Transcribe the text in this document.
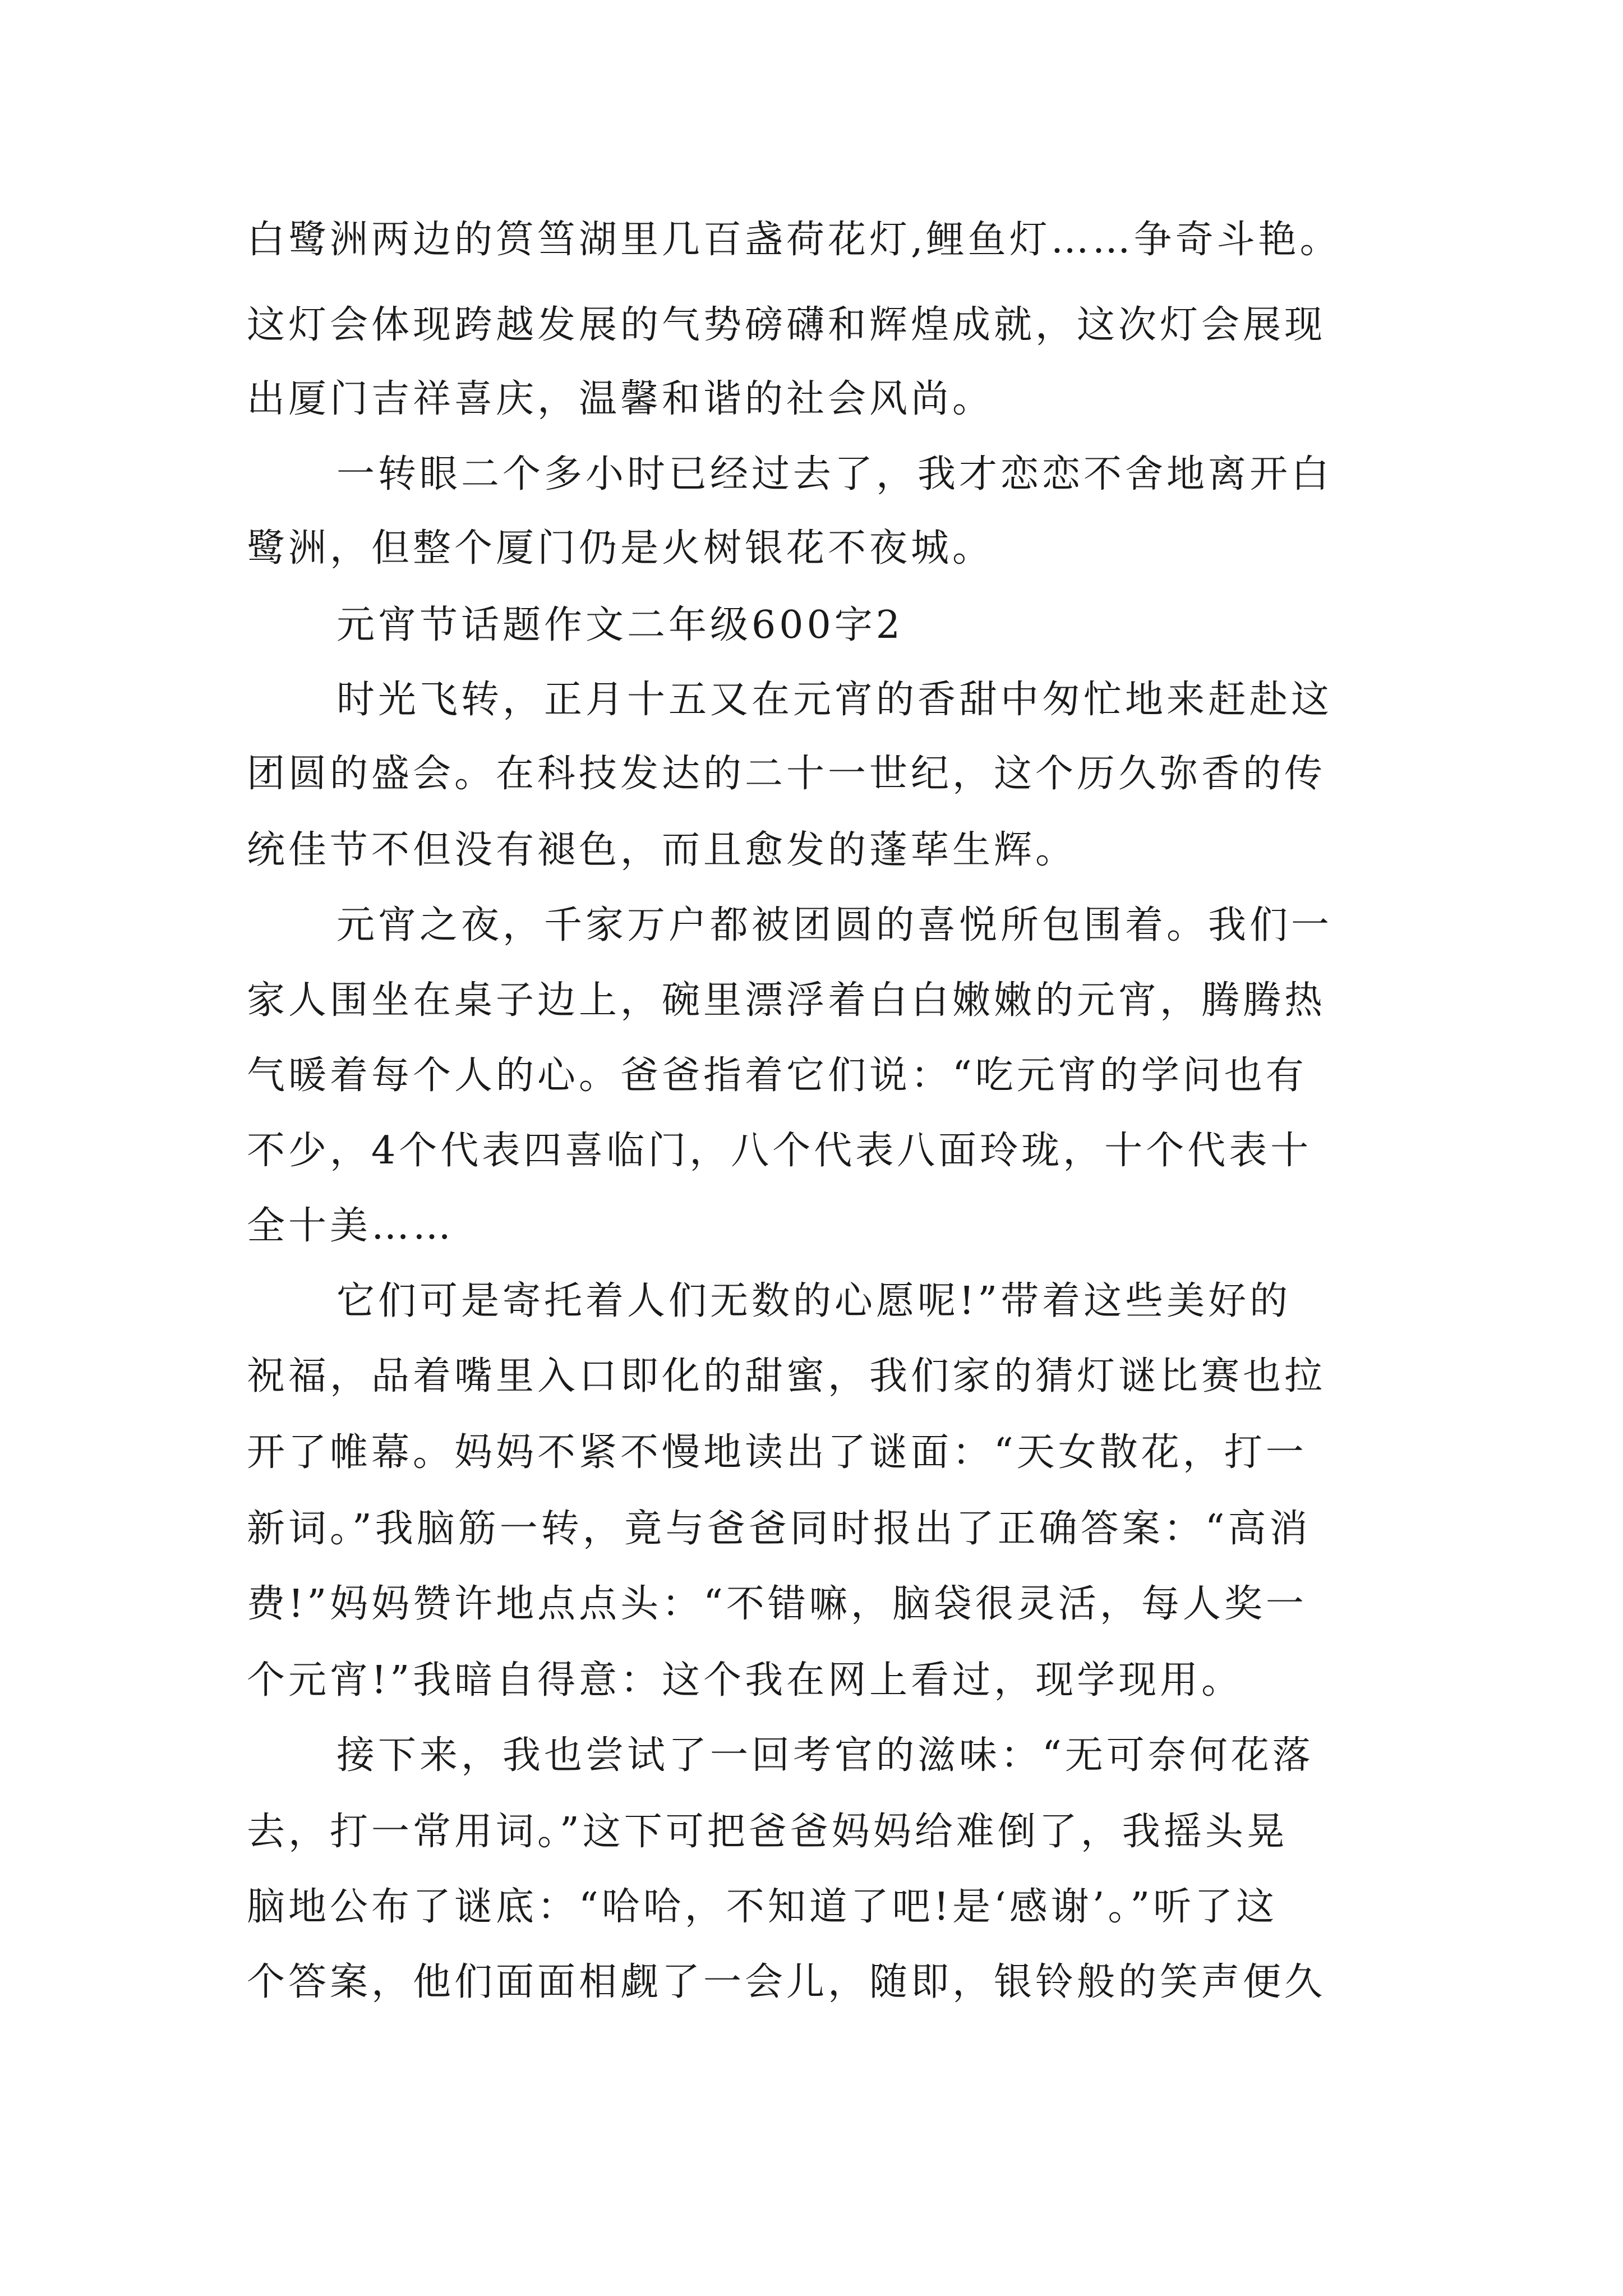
白鹭洲两边的筼筜湖里几百盏荷花灯,鲤鱼灯……争奇斗艳。
这灯会体现跨越发展的气势磅礴和辉煌成就，这次灯会展现
出厦门吉祥喜庆，温馨和谐的社会风尚。
一转眼二个多小时已经过去了，我才恋恋不舍地离开白
鹭洲，但整个厦门仍是火树银花不夜城。
元宵节话题作文二年级600字2
时光飞转，正月十五又在元宵的香甜中匆忙地来赶赴这
团圆的盛会。在科技发达的二十一世纪，这个历久弥香的传
统佳节不但没有褪色，而且愈发的蓬荜生辉。
元宵之夜，千家万户都被团圆的喜悦所包围着。我们一
家人围坐在桌子边上，碗里漂浮着白白嫩嫩的元宵，腾腾热
气暖着每个人的心。爸爸指着它们说：“吃元宵的学问也有
不少，4个代表四喜临门，八个代表八面玲珑，十个代表十
全十美……
它们可是寄托着人们无数的心愿呢!”带着这些美好的
祝福，品着嘴里入口即化的甜蜜，我们家的猜灯谜比赛也拉
开了帷幕。妈妈不紧不慢地读出了谜面：“天女散花，打一
新词。”我脑筋一转，竟与爸爸同时报出了正确答案：“高消
费!”妈妈赞许地点点头：“不错嘛，脑袋很灵活，每人奖一
个元宵!”我暗自得意：这个我在网上看过，现学现用。
接下来，我也尝试了一回考官的滋味：“无可奈何花落
去，打一常用词。”这下可把爸爸妈妈给难倒了，我摇头晃
脑地公布了谜底：“哈哈，不知道了吧!是‘感谢’。”听了这
个答案，他们面面相觑了一会儿，随即，银铃般的笑声便久
